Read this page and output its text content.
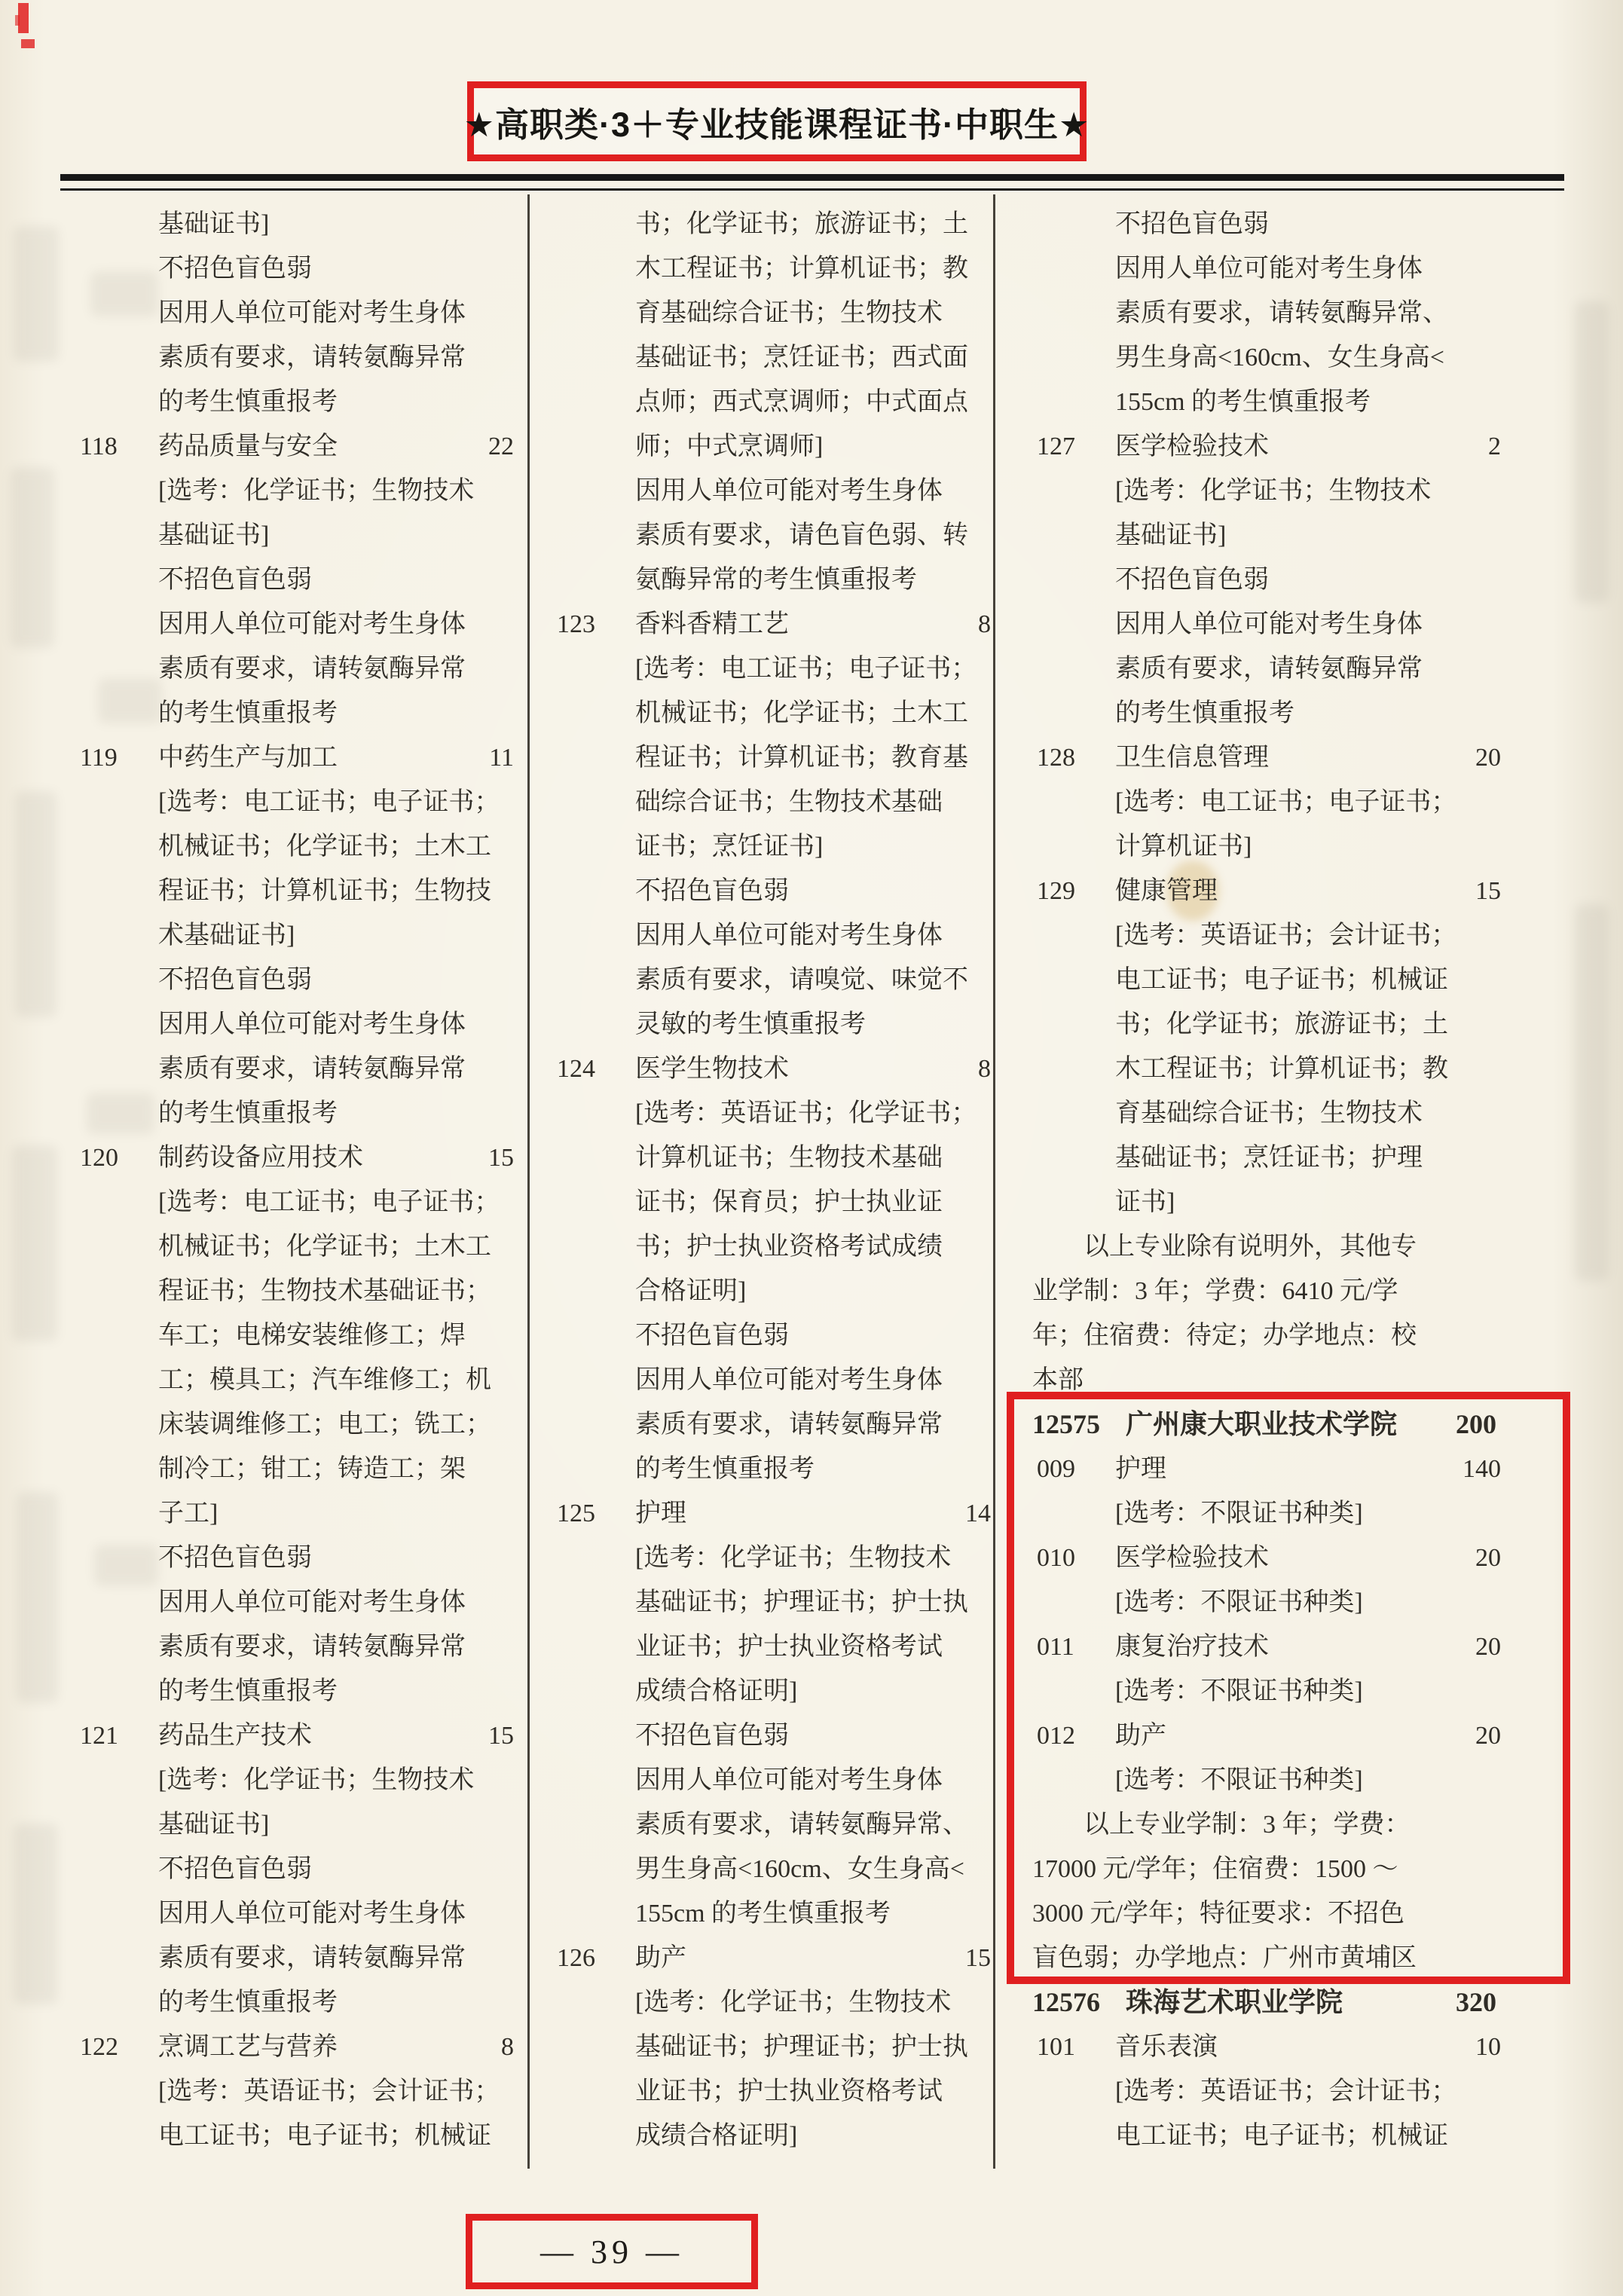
★高职类·3＋专业技能课程证书·中职生★
基础证书]
不招色盲色弱
因用人单位可能对考生身体
素质有要求，请转氨酶异常
的考生慎重报考
118	药品质量与安全	22
[选考：化学证书；生物技术
基础证书]
不招色盲色弱
因用人单位可能对考生身体
素质有要求，请转氨酶异常
的考生慎重报考
119	中药生产与加工	11
[选考：电工证书；电子证书；
机械证书；化学证书；土木工
程证书；计算机证书；生物技
术基础证书]
不招色盲色弱
因用人单位可能对考生身体
素质有要求，请转氨酶异常
的考生慎重报考
120	制药设备应用技术	15
[选考：电工证书；电子证书；
机械证书；化学证书；土木工
程证书；生物技术基础证书；
车工；电梯安装维修工；焊
工；模具工；汽车维修工；机
床装调维修工；电工；铣工；
制冷工；钳工；铸造工；架
子工]
不招色盲色弱
因用人单位可能对考生身体
素质有要求，请转氨酶异常
的考生慎重报考
121	药品生产技术	15
[选考：化学证书；生物技术
基础证书]
不招色盲色弱
因用人单位可能对考生身体
素质有要求，请转氨酶异常
的考生慎重报考
122	烹调工艺与营养	8
[选考：英语证书；会计证书；
电工证书；电子证书；机械证
书；化学证书；旅游证书；土
木工程证书；计算机证书；教
育基础综合证书；生物技术
基础证书；烹饪证书；西式面
点师；西式烹调师；中式面点
师；中式烹调师]
因用人单位可能对考生身体
素质有要求，请色盲色弱、转
氨酶异常的考生慎重报考
123	香料香精工艺	8
[选考：电工证书；电子证书；
机械证书；化学证书；土木工
程证书；计算机证书；教育基
础综合证书；生物技术基础
证书；烹饪证书]
不招色盲色弱
因用人单位可能对考生身体
素质有要求，请嗅觉、味觉不
灵敏的考生慎重报考
124	医学生物技术	8
[选考：英语证书；化学证书；
计算机证书；生物技术基础
证书；保育员；护士执业证
书；护士执业资格考试成绩
合格证明]
不招色盲色弱
因用人单位可能对考生身体
素质有要求，请转氨酶异常
的考生慎重报考
125	护理	14
[选考：化学证书；生物技术
基础证书；护理证书；护士执
业证书；护士执业资格考试
成绩合格证明]
不招色盲色弱
因用人单位可能对考生身体
素质有要求，请转氨酶异常、
男生身高<160cm、女生身高<
155cm 的考生慎重报考
126	助产	15
[选考：化学证书；生物技术
基础证书；护理证书；护士执
业证书；护士执业资格考试
成绩合格证明]
不招色盲色弱
因用人单位可能对考生身体
素质有要求，请转氨酶异常、
男生身高<160cm、女生身高<
155cm 的考生慎重报考
127	医学检验技术	2
[选考：化学证书；生物技术
基础证书]
不招色盲色弱
因用人单位可能对考生身体
素质有要求，请转氨酶异常
的考生慎重报考
128	卫生信息管理	20
[选考：电工证书；电子证书；
计算机证书]
129	健康管理	15
[选考：英语证书；会计证书；
电工证书；电子证书；机械证
书；化学证书；旅游证书；土
木工程证书；计算机证书；教
育基础综合证书；生物技术
基础证书；烹饪证书；护理
证书]
以上专业除有说明外，其他专
业学制：3 年；学费：6410 元/学
年；住宿费：待定；办学地点：校
本部
12575 广州康大职业技术学院	200
009	护理	140
[选考：不限证书种类]
010	医学检验技术	20
[选考：不限证书种类]
011	康复治疗技术	20
[选考：不限证书种类]
012	助产	20
[选考：不限证书种类]
以上专业学制：3 年；学费：
17000 元/学年；住宿费：1500 ～
3000 元/学年；特征要求：不招色
盲色弱；办学地点：广州市黄埔区
12576 珠海艺术职业学院	320
101	音乐表演	10
[选考：英语证书；会计证书；
电工证书；电子证书；机械证
— 39 —
